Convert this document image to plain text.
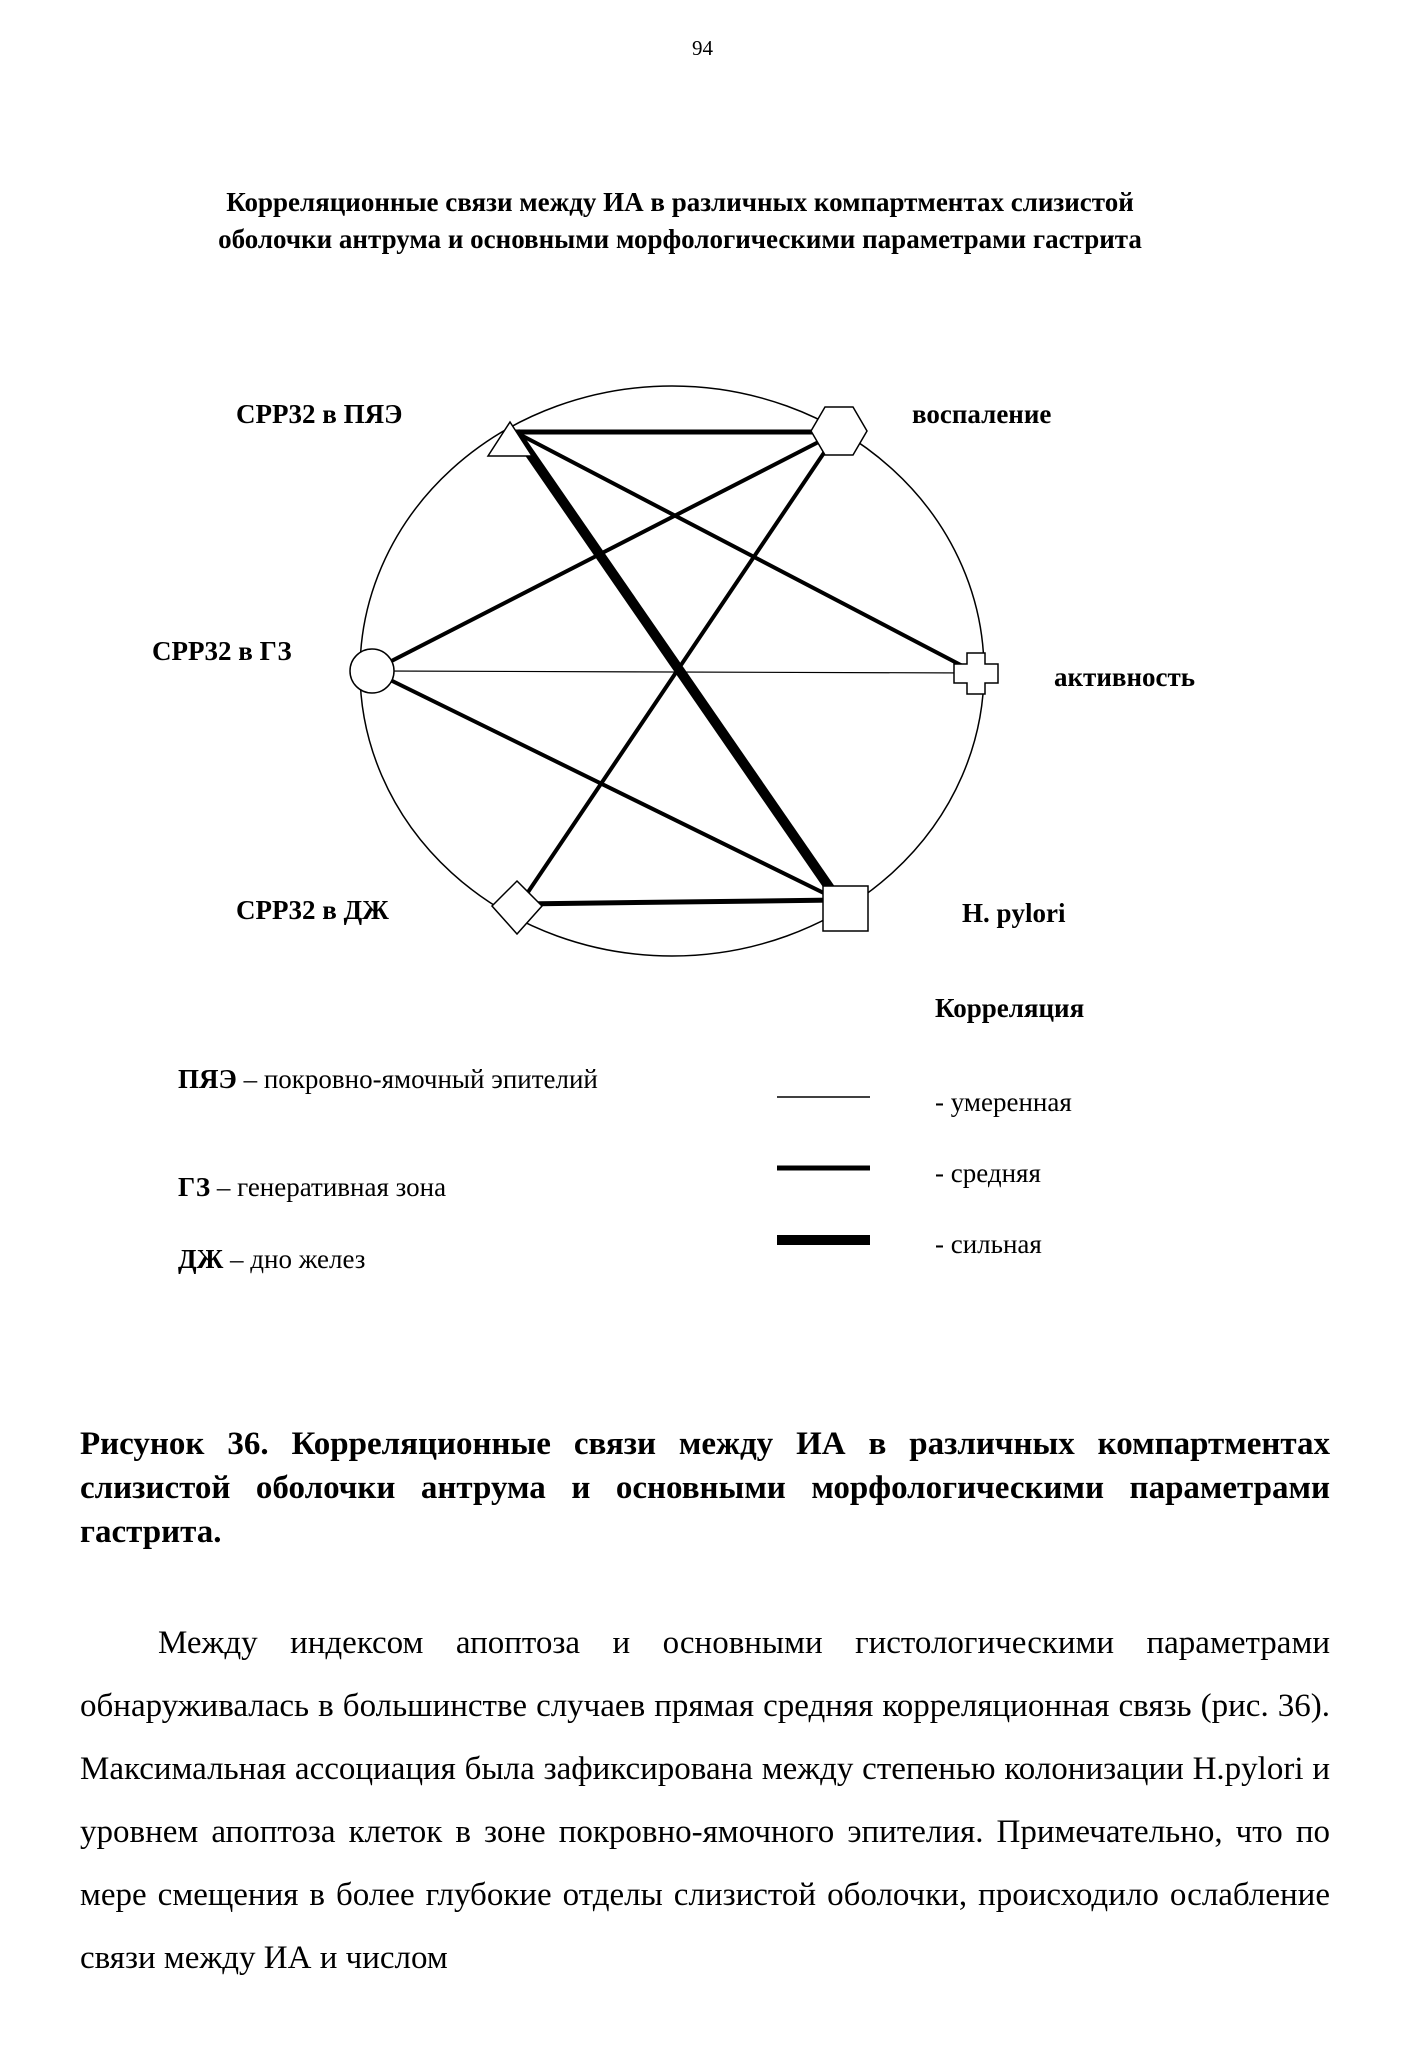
94
Корреляционные связи между ИА в различных компартментах слизистой оболочки антрума и основными морфологическими параметрами гастрита
CPP32 в ПЯЭ	воспаление
CPP32 в ГЗ
активность
CPP32 в ДЖ	H. pylori
Корреляция
- умеренная
- средняя
- сильная
ПЯЭ – покровно-ямочный эпителий
ГЗ – генеративная зона
ДЖ – дно желез
Рисунок 36. Корреляционные связи между ИА в различных компартментах слизистой оболочки антрума и основными морфологическими параметрами гастрита.
Между индексом апоптоза и основными гистологическими параметрами обнаруживалась в большинстве случаев прямая средняя корреляционная связь (рис. 36). Максимальная ассоциация была зафиксирована между степенью колонизации H.pylori и уровнем апоптоза клеток в зоне покровно-ямочного эпителия. Примечательно, что по мере смещения в более глубокие отделы слизистой оболочки, происходило ослабление связи между ИА и числом
